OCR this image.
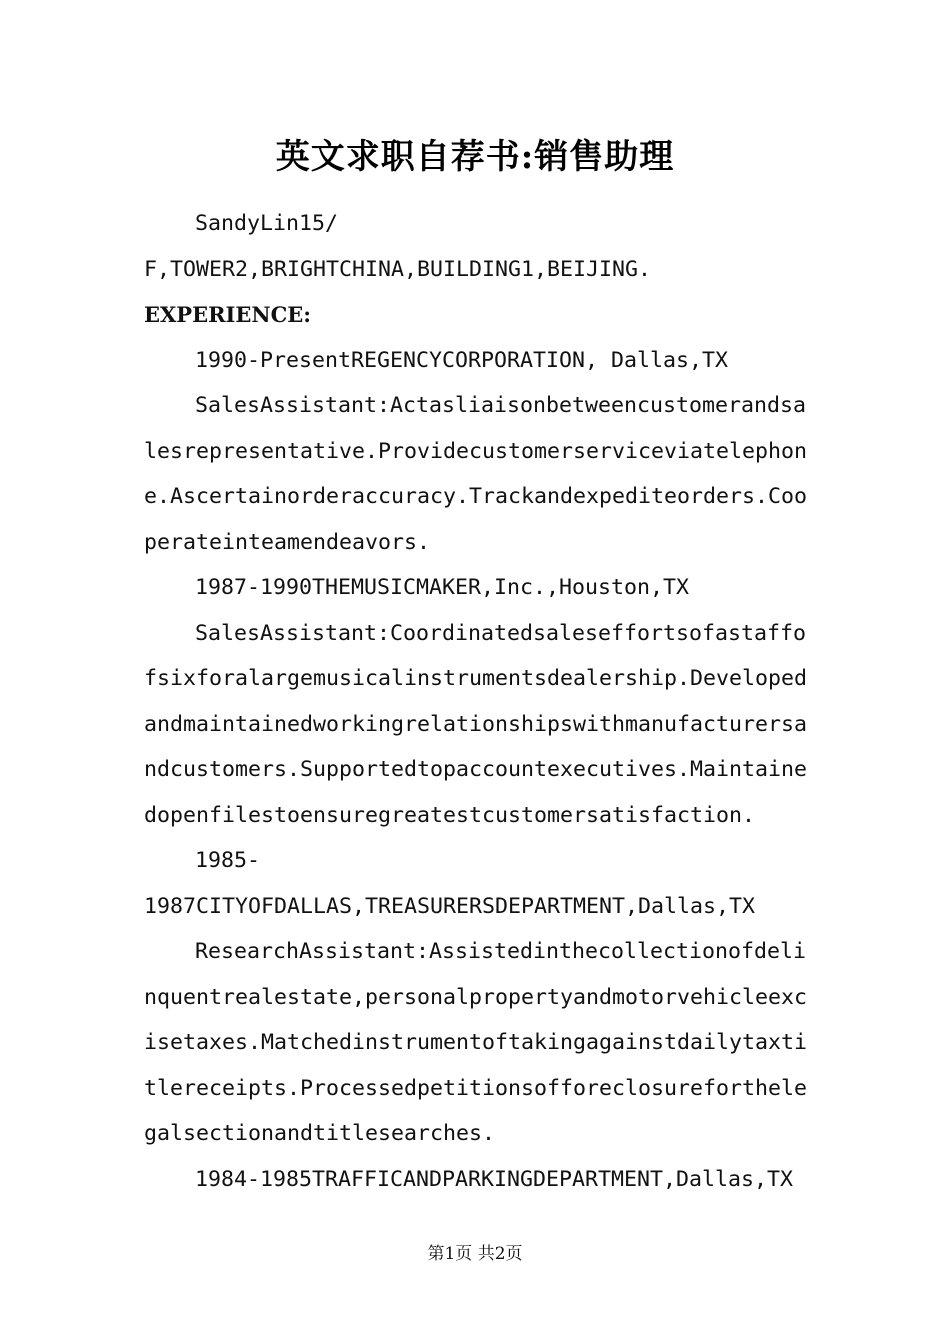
英文求职自荐书:销售助理
SandyLin15/
F,TOWER2,BRIGHTCHINA,BUILDING1,BEIJING.
EXPERIENCE:
1990-PresentREGENCYCORPORATION, Dallas,TX
SalesAssistant:Actasliaisonbetweencustomerandsa
lesrepresentative.Providecustomerserviceviatelephon
e.Ascertainorderaccuracy.Trackandexpediteorders.Coo
perateinteamendeavors.
1987-1990THEMUSICMAKER,Inc.,Houston,TX
SalesAssistant:Coordinatedsaleseffortsofastaffo
fsixforalargemusicalinstrumentsdealership.Developed
andmaintainedworkingrelationshipswithmanufacturersa
ndcustomers.Supportedtopaccountexecutives.Maintaine
dopenfilestoensuregreatestcustomersatisfaction.
1985-
1987CITYOFDALLAS,TREASURERSDEPARTMENT,Dallas,TX
ResearchAssistant:Assistedinthecollectionofdeli
nquentrealestate,personalpropertyandmotorvehicleexc
isetaxes.Matchedinstrumentoftakingagainstdailytaxti
tlereceipts.Processedpetitionsofforeclosureforthele
galsectionandtitlesearches.
1984-1985TRAFFICANDPARKINGDEPARTMENT,Dallas,TX
第1页 共2页
